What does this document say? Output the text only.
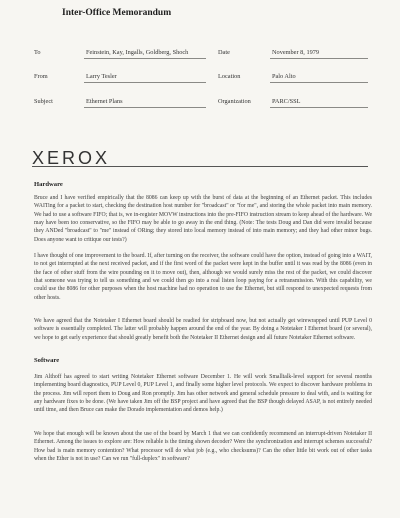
Inter-Office Memorandum
To	Feinstein, Kay, Ingalls, Goldberg, Shoch	Date	November 8, 1979
From	Larry Tesler	Location	Palo Alto
Subject	Ethernet Plans	Organization	PARC/SSL
XEROX
Hardware
Bruce and I have verified empirically that the 8086 can keep up with the burst of data at the beginning of an Ethernet packet. This includes WAITing for a packet to start, checking the destination host number for "broadcast" or "for me", and storing the whole packet into main memory. We had to use a software FIFO; that is, we in-register MOVW instructions into the pre-FIFO instruction stream to keep ahead of the hardware. We may have been too conservative, so the FIFO may be able to go away in the end thing. (Note: The tests Doug and Dan did were invalid because they ANDed "broadcast" to "me" instead of ORing; they stored into local memory instead of into main memory; and they had other minor bugs. Does anyone want to critique our tests?)
I have thought of one improvement to the board. If, after turning on the receiver, the software could have the option, instead of going into a WAIT, to not get interrupted at the next received packet, and if the first word of the packet were kept in the buffer until it was read by the 8086 (even in the face of other stuff from the wire pounding on it to move out), then, although we would surely miss the rest of the packet, we could discover that someone was trying to tell us something and we could then go into a real listen loop paying for a retransmission. With this capability, we could use the 8086 for other purposes when the host machine had no operation to use the Ethernet, but still respond to unexpected requests from other hosts.
We have agreed that the Notetaker I Ethernet board should be readied for stripboard now, but not actually get wirewrapped until PUP Level 0 software is essentially completed. The latter will probably happen around the end of the year. By doing a Notetaker I Ethernet board (or several), we hope to get early experience that should greatly benefit both the Notetaker II Ethernet design and all future Notetaker Ethernet software.
Software
Jim Althoff has agreed to start writing Notetaker Ethernet software December 1. He will work Smalltalk-level support for several months implementing board diagnostics, PUP Level 0, PUP Level 1, and finally some higher level protocols. We expect to discover hardware problems in the process. Jim will report them to Doug and Ron promptly. Jim has other network and general schedule pressure to deal with, and is waiting for any hardware fixes to be done. (We have taken Jim off the BSP project and have agreed that the BSP though delayed ASAP, is not entirely needed until time, and then Bruce can make the Dorado implementation and demos help.)
We hope that enough will be known about the use of the board by March 1 that we can confidently recommend an interrupt-driven Notetaker II Ethernet. Among the issues to explore are: How reliable is the timing shown decoder? Were the synchronization and interrupt schemes successful? How bad is main memory contention? What processor will do what job (e.g., who checksums)? Can the other little bit work out of other tasks when the Ether is not in use? Can we run "full-duplex" in software?
